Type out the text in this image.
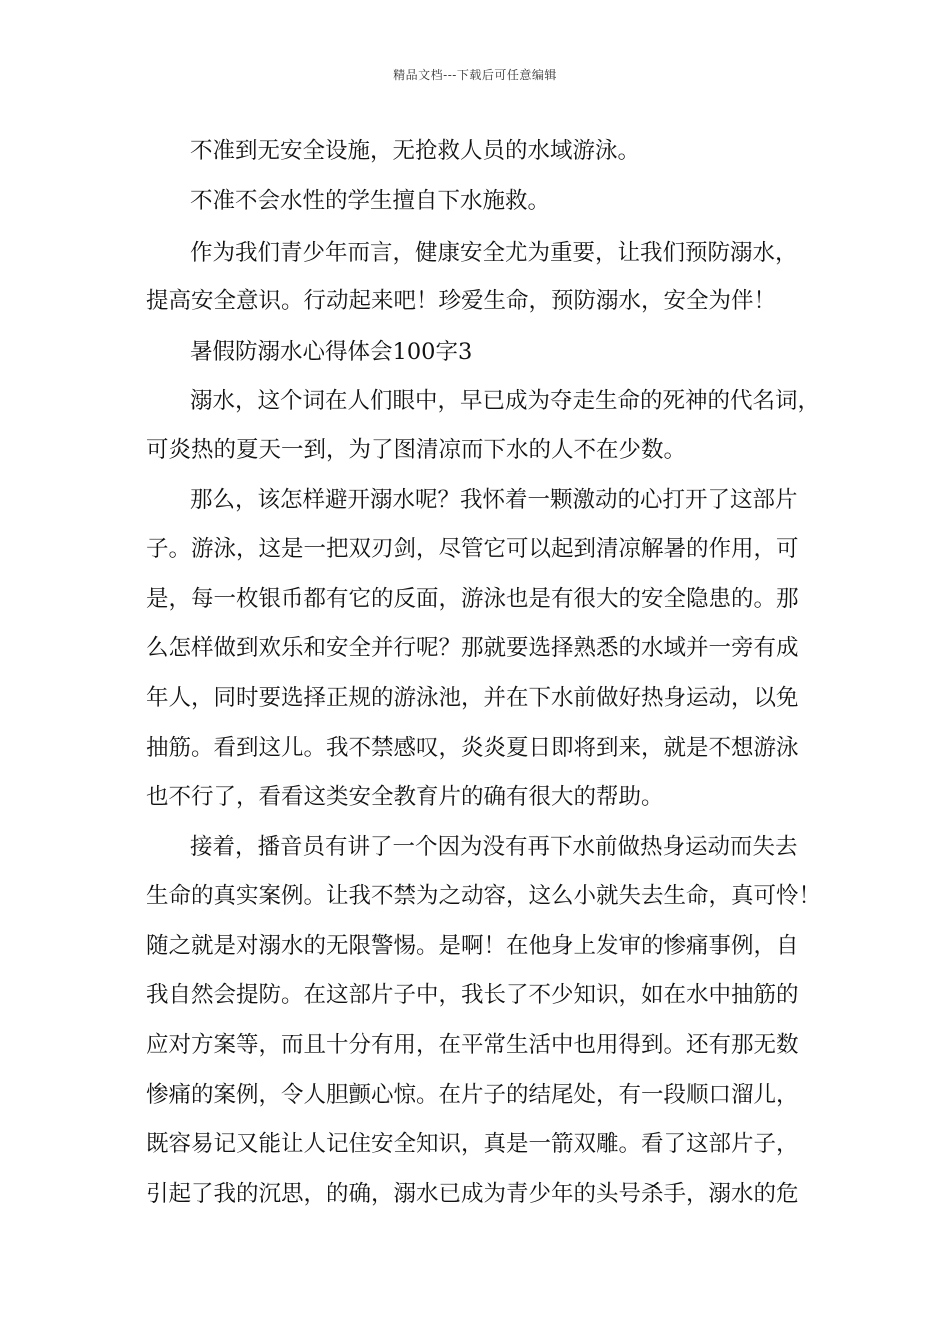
精品文档---下载后可任意编辑
不准到无安全设施，无抢救人员的水域游泳。
不准不会水性的学生擅自下水施救。
作为我们青少年而言，健康安全尤为重要，让我们预防溺水，
提高安全意识。行动起来吧！珍爱生命，预防溺水，安全为伴！
暑假防溺水心得体会100字3
溺水，这个词在人们眼中，早已成为夺走生命的死神的代名词，
可炎热的夏天一到，为了图清凉而下水的人不在少数。
那么，该怎样避开溺水呢？我怀着一颗激动的心打开了这部片
子。游泳，这是一把双刃剑，尽管它可以起到清凉解暑的作用，可
是，每一枚银币都有它的反面，游泳也是有很大的安全隐患的。那
么怎样做到欢乐和安全并行呢？那就要选择熟悉的水域并一旁有成
年人，同时要选择正规的游泳池，并在下水前做好热身运动，以免
抽筋。看到这儿。我不禁感叹，炎炎夏日即将到来，就是不想游泳
也不行了，看看这类安全教育片的确有很大的帮助。
接着，播音员有讲了一个因为没有再下水前做热身运动而失去
生命的真实案例。让我不禁为之动容，这么小就失去生命，真可怜！
随之就是对溺水的无限警惕。是啊！在他身上发审的惨痛事例，自
我自然会提防。在这部片子中，我长了不少知识，如在水中抽筋的
应对方案等，而且十分有用，在平常生活中也用得到。还有那无数
惨痛的案例，令人胆颤心惊。在片子的结尾处，有一段顺口溜儿，
既容易记又能让人记住安全知识，真是一箭双雕。看了这部片子，
引起了我的沉思，的确，溺水已成为青少年的头号杀手，溺水的危
